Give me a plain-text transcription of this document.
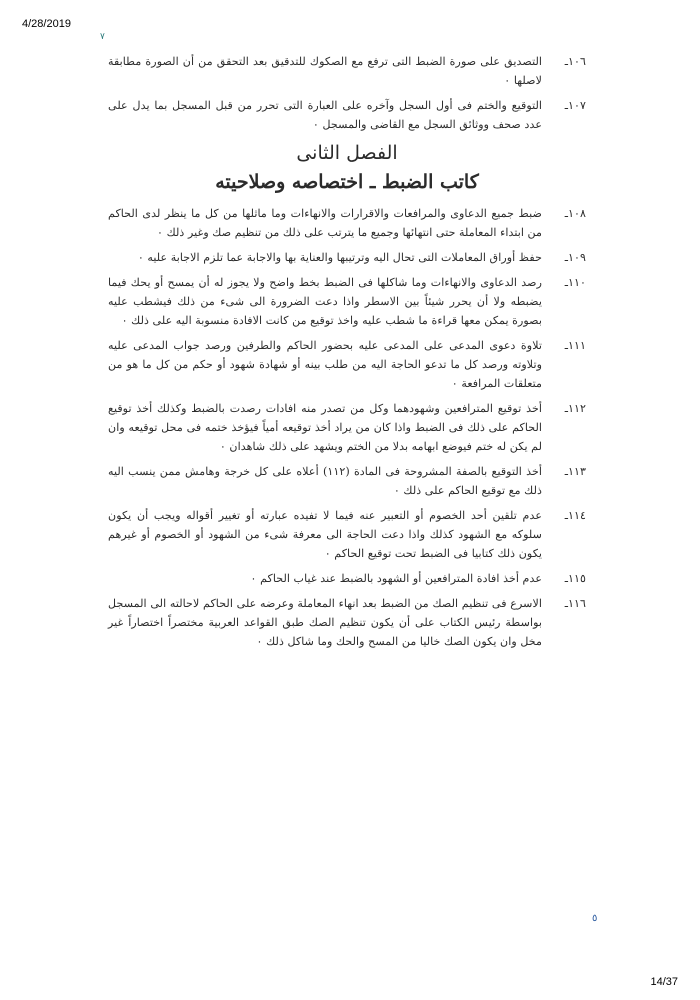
4/28/2019
٧
١٠٦ـ
التصديق على صورة الضبط التى ترفع مع الصكوك للتدقيق بعد التحقق من أن الصورة مطابقة لاصلها ٠
١٠٧ـ
التوقيع والختم فى أول السجل وآخره على العبارة التى تحرر من قبل المسجل بما يدل على عدد صحف ووثائق السجل مع القاضى والمسجل ٠
الفصل الثانى
كاتب الضبط ـ اختصاصه وصلاحيته
١٠٨ـ
ضبط جميع الدعاوى والمرافعات والاقرارات والانهاءات وما ماثلها من كل ما ينظر لدى الحاكم من ابتداء المعاملة حتى انتهائها وجميع ما يترتب على ذلك من تنظيم صك وغير ذلك ٠
١٠٩ـ
حفظ أوراق المعاملات التى تحال اليه وترتيبها والعناية بها والاجابة عما تلزم الاجابة عليه ٠
١١٠ـ
رصد الدعاوى والانهاءات وما شاكلها فى الضبط بخط واضح ولا يجوز له أن يمسح أو يحك فيما يضبطه ولا أن يحرر شيئاً بين الاسطر واذا دعت الضرورة الى شىء من ذلك فيشطب عليه بصورة يمكن معها قراءة ما شطب عليه واخذ توقيع من كانت الافادة منسوبة اليه على ذلك ٠
١١١ـ
تلاوة دعوى المدعى على المدعى عليه بحضور الحاكم والطرفين ورصد جواب المدعى عليه وتلاوته ورصد كل ما تدعو الحاجة اليه من طلب بينه أو شهادة شهود أو حكم من كل ما هو من متعلقات المرافعة ٠
١١٢ـ
أخذ توقيع المترافعين وشهودهما وكل من تصدر منه افادات رصدت بالضبط وكذلك أخذ توقيع الحاكم على ذلك فى الضبط واذا كان من يراد أخذ توقيعه أمياً فيؤخذ ختمه فى محل توقيعه وان لم يكن له ختم فيوضع ابهامه بدلا من الختم ويشهد على ذلك شاهدان ٠
١١٣ـ
أخذ التوقيع بالصفة المشروحة فى المادة (١١٢) أعلاه على كل خرجة وهامش ممن ينسب اليه ذلك مع توقيع الحاكم على ذلك ٠
١١٤ـ
عدم تلقين أحد الخصوم أو التعبير عنه فيما لا تفيده عبارته أو تغيير أقواله ويجب أن يكون سلوكه مع الشهود كذلك واذا دعت الحاجة الى معرفة شىء من الشهود أو الخصوم أو غيرهم يكون ذلك كتابيا فى الضبط تحت توقيع الحاكم ٠
١١٥ـ
عدم أخذ افادة المترافعين أو الشهود بالضبط عند غياب الحاكم ٠
١١٦ـ
الاسرع فى تنظيم الصك من الضبط بعد انهاء المعاملة وعرضه على الحاكم لاحالته الى المسجل بواسطة رئيس الكتاب على أن يكون تنظيم الصك طبق القواعد العربية مختصراً اختصاراً غير مخل وان يكون الصك خاليا من المسح والحك وما شاكل ذلك ٠
٥
14/37
